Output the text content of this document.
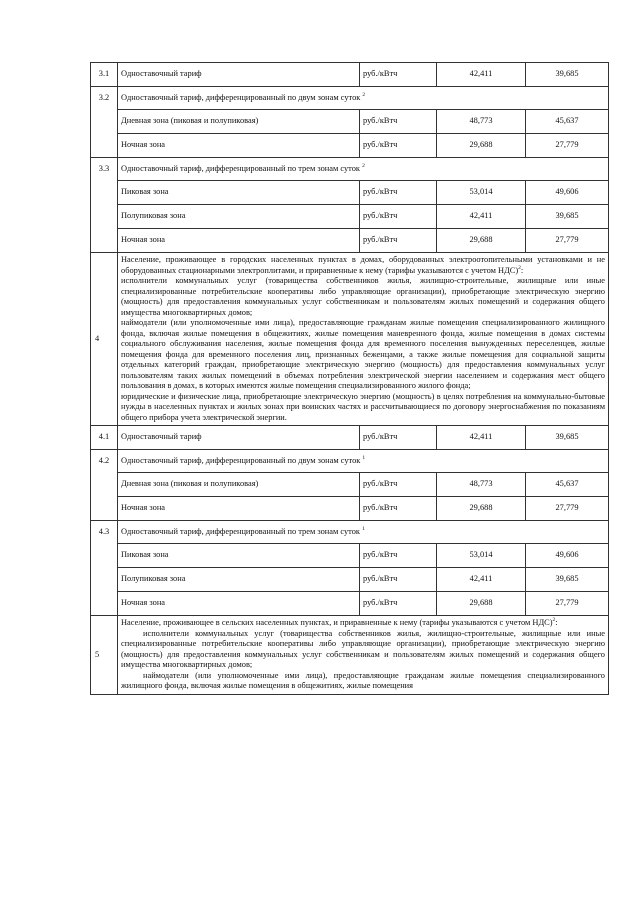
3.1	Одноставочный тариф	руб./кВтч	42,411	39,685
3.2	Одноставочный тариф, дифференцированный по двум зонам суток $^2$
	Дневная зона (пиковая и полупиковая)	руб./кВтч	48,773	45,637
	Ночная зона	руб./кВтч	29,688	27,779
3.3	Одноставочный тариф, дифференцированный по трем зонам суток $^2$
	Пиковая зона	руб./кВтч	53,014	49,606
	Полупиковая зона	руб./кВтч	42,411	39,685
	Ночная зона	руб./кВтч	29,688	27,779
4	Население, проживающее в городских населенных пунктах в домах, оборудованных электроотопительными установками и не оборудованных стационарными электроплитами, и приравненные к нему (тарифы указываются с учетом НДС)$^2$:

исполнители коммунальных услуг (товарищества собственников жилья, жилищно-строительные, жилищные или иные специализированные потребительские кооперативы либо управляющие организации), приобретающие электрическую энергию (мощность) для предоставления коммунальных услуг собственникам и пользователям жилых помещений и содержания общего имущества многоквартирных домов;

наймодатели (или уполномоченные ими лица), предоставляющие гражданам жилые помещения специализированного жилищного фонда, включая жилые помещения в общежитиях, жилые помещения маневренного фонда, жилые помещения в домах системы социального обслуживания населения, жилые помещения фонда для временного поселения вынужденных переселенцев, жилые помещения фонда для временного поселения лиц, признанных беженцами, а также жилые помещения для социальной защиты отдельных категорий граждан, приобретающие электрическую энергию (мощность) для предоставления коммунальных услуг пользователям таких жилых помещений в объемах потребления электрической энергии населением и содержания мест общего пользования в домах, в которых имеются жилые помещения специализированного жилого фонда;

юридические и физические лица, приобретающие электрическую энергию (мощность) в целях потребления на коммунально-бытовые нужды в населенных пунктах и жилых зонах при воинских частях и рассчитывающиеся по договору энергоснабжения по показаниям общего прибора учета электрической энергии.			

4.1	Одноставочный тариф	руб./кВтч	42,411	39,685
4.2	Одноставочный тариф, дифференцированный по двум зонам суток $^1$
	Дневная зона (пиковая и полупиковая)	руб./кВтч	48,773	45,637
	Ночная зона	руб./кВтч	29,688	27,779
4.3	Одноставочный тариф, дифференцированный по трем зонам суток $^1$
	Пиковая зона	руб./кВтч	53,014	49,606
	Полупиковая зона	руб./кВтч	42,411	39,685
	Ночная зона	руб./кВтч	29,688	27,779
5	Население, проживающее в сельских населенных пунктах, и приравненные к нему (тарифы указываются с учетом НДС)$^2$:

исполнители коммунальных услуг (товарищества собственников жилья, жилищно-строительные, жилищные или иные специализированные потребительские кооперативы либо управляющие организации), приобретающие электрическую энергию (мощность) для предоставления коммунальных услуг собственникам и пользователям жилых помещений и содержания общего имущества многоквартирных домов;

наймодатели (или уполномоченные ими лица), предоставляющие гражданам жилые помещения специализированного жилищного фонда, включая жилые помещения в общежитиях, жилые помещения			
